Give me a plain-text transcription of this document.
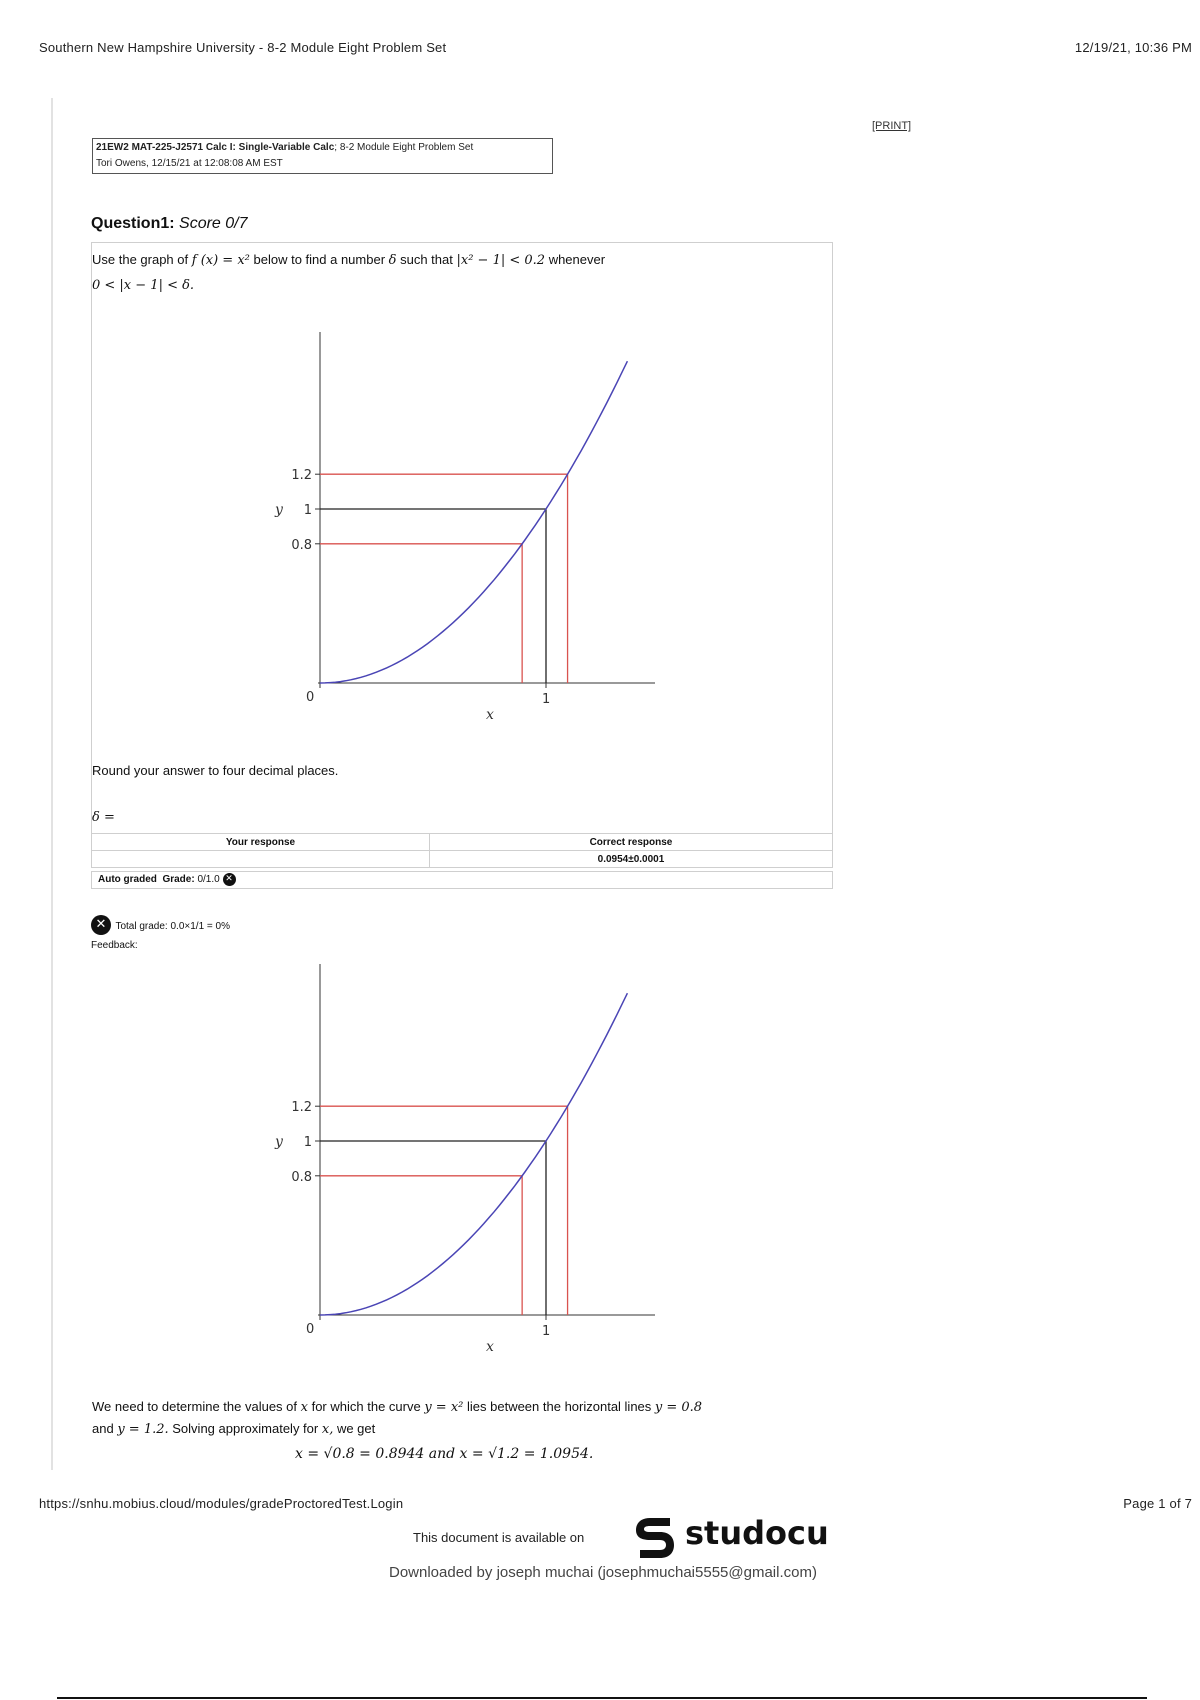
Southern New Hampshire University - 8-2 Module Eight Problem Set	12/19/21, 10:36 PM
[PRINT]
21EW2 MAT-225-J2571 Calc I: Single-Variable Calc; 8-2 Module Eight Problem Set
Tori Owens, 12/15/21 at 12:08:08 AM EST
Question1: Score 0/7
Use the graph of f (x) = x² below to find a number δ such that |x² − 1| < 0.2 whenever
0 < |x − 1| < δ.
1.2
1
0.8
y
0	1
x
Round your answer to four decimal places.
δ =
Your response	Correct response
	0.0954±0.0001
Auto graded Grade: 0/1.0 ✕
✕ Total grade: 0.0×1/1 = 0%
Feedback:
1.2
1
0.8
y
0	1
x
We need to determine the values of x for which the curve y = x² lies between the horizontal lines y = 0.8
and y = 1.2. Solving approximately for x, we get
x = √0.8 = 0.8944 and x = √1.2 = 1.0954.
https://snhu.mobius.cloud/modules/gradeProctoredTest.Login	Page 1 of 7
This document is available on	studocu
Downloaded by joseph muchai (josephmuchai5555@gmail.com)
